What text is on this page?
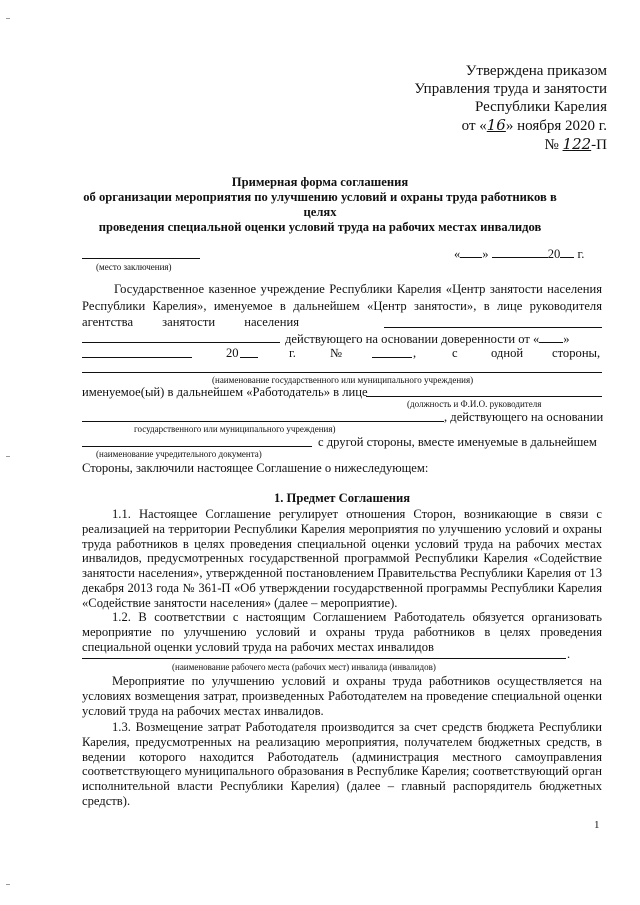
Утверждена приказом
Управления труда и занятости
Республики Карелия
от «16» ноября 2020 г.
№ 122-П
Примерная форма соглашения
об организации мероприятия по улучшению условий и охраны труда работников в целях
проведения специальной оценки условий труда на рабочих местах инвалидов
(место заключения)
« »	20 г.
Государственное казенное учреждение Республики Карелия «Центр занятости населения
Республики Карелия», именуемое в дальнейшем «Центр занятости», в лице руководителя
агентства занятости населения
действующего на основании доверенности от « »
20	г.	№	,	с	одной стороны,
(наименование государственного или муниципального учреждения)
именуемое(ый) в дальнейшем «Работодатель» в лице
(должность и Ф.И.О. руководителя
, действующего на основании
государственного или муниципального учреждения)
с другой стороны, вместе именуемые в дальнейшем
(наименование учредительного документа)
Стороны, заключили настоящее Соглашение о нижеследующем:
1. Предмет Соглашения
1.1. Настоящее Соглашение регулирует отношения Сторон, возникающие в связи с реализацией на территории Республики Карелия мероприятия по улучшению условий и охраны труда работников в целях проведения специальной оценки условий труда на рабочих местах инвалидов, предусмотренных государственной программой Республики Карелия «Содействие занятости населения», утвержденной постановлением Правительства Республики Карелия от 13 декабря 2013 года № 361-П «Об утверждении государственной программы Республики Карелия «Содействие занятости населения» (далее – мероприятие).
1.2. В соответствии с настоящим Соглашением Работодатель обязуется организовать мероприятие по улучшению условий и охраны труда работников в целях проведения специальной оценки условий труда на рабочих местах инвалидов
.
(наименование рабочего места (рабочих мест) инвалида (инвалидов)
Мероприятие по улучшению условий и охраны труда работников осуществляется на условиях возмещения затрат, произведенных Работодателем на проведение специальной оценки условий труда на рабочих местах инвалидов.
1.3. Возмещение затрат Работодателя производится за счет средств бюджета Республики Карелия, предусмотренных на реализацию мероприятия, получателем бюджетных средств, в ведении которого находится Работодатель (администрация местного самоуправления соответствующего муниципального образования в Республике Карелия; соответствующий орган исполнительной власти Республики Карелия) (далее – главный распорядитель бюджетных средств).
1
